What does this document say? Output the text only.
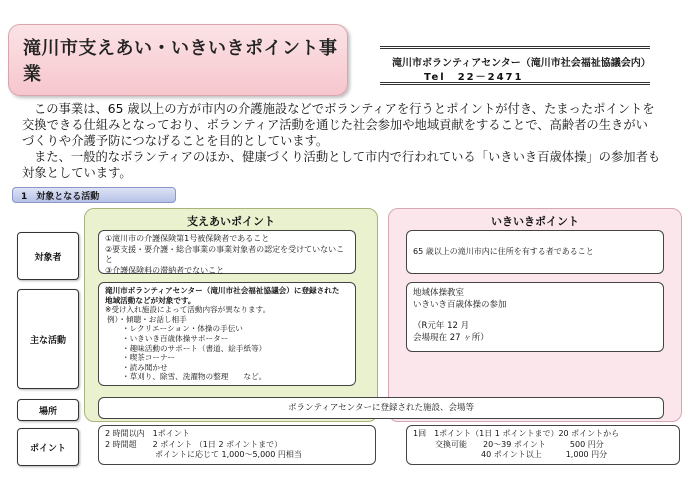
滝川市支えあい・いきいきポイント事業
滝川市ボランティアセンター（滝川市社会福祉協議会内）
Tel　22－2471
この事業は、65 歳以上の方が市内の介護施設などでボランティアを行うとポイントが付き、たまったポイントを
交換できる仕組みとなっており、ボランティア活動を通じた社会参加や地域貢献をすることで、高齢者の生きがい
づくりや介護予防につなげることを目的としています。
また、一般的なボランティアのほか、健康づくり活動として市内で行われている「いきいき百歳体操」の参加者も
対象としています。
1　対象となる活動
支えあいポイント	いきいきポイント
対象者
主な活動
場所
ポイント
①滝川市の介護保険第1号被保険者であること
②要支援・要介護・総合事業の事業対象者の認定を受けていないこと
③介護保険料の滞納者でないこと
65 歳以上の滝川市内に住所を有する者であること
滝川市ボランティアセンター（滝川市社会福祉協議会）に登録された
地域活動などが対象です。
※受け入れ施設によって活動内容が異なります。
例）・傾聴・お話し相手
・レクリエーション・体操の手伝い
・いきいき百歳体操サポーター
・趣味活動のサポート（書道、絵手紙等）
・喫茶コーナー
・読み聞かせ
・草刈り、除雪、洗濯物の整理　　など。
地域体操教室
いきいき百歳体操の参加
（R元年 12 月
会場現在 27 ヶ所）
ボランティアセンターに登録された施設、会場等
2 時間以内　1ポイント
2 時間超　　2 ポイント （1日 2 ポイントまで）
ポイントに応じて 1,000～5,000 円相当
1回　1ポイント（1日 1 ポイントまで）20 ポイントから
交換可能　　20～39 ポイント　　　500 円分
40 ポイント以上　　　1,000 円分
